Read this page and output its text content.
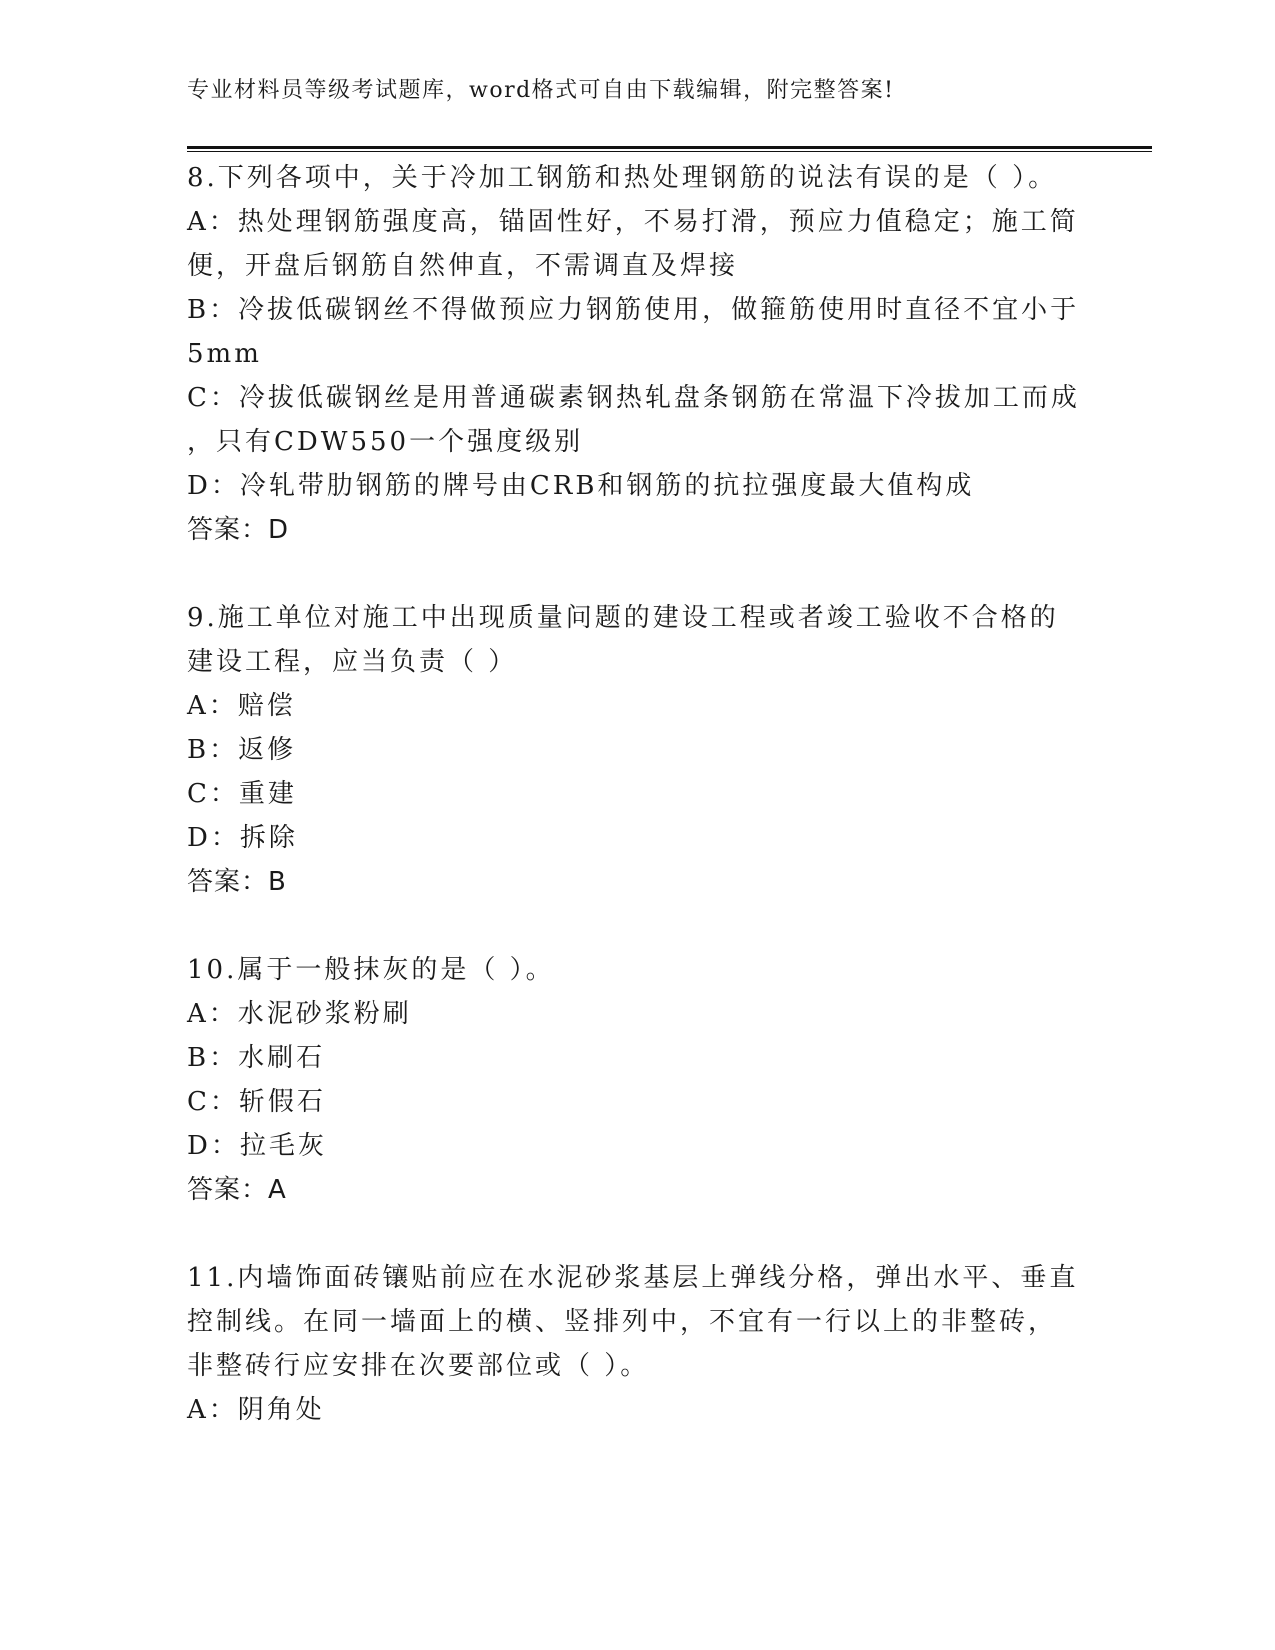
专业材料员等级考试题库，word格式可自由下载编辑，附完整答案!
8.下列各项中，关于冷加工钢筋和热处理钢筋的说法有误的是（ ）。
A：热处理钢筋强度高，锚固性好，不易打滑，预应力值稳定；施工简
便，开盘后钢筋自然伸直，不需调直及焊接
B：冷拔低碳钢丝不得做预应力钢筋使用，做箍筋使用时直径不宜小于
5mm
C：冷拔低碳钢丝是用普通碳素钢热轧盘条钢筋在常温下冷拔加工而成
，只有CDW550一个强度级别
D：冷轧带肋钢筋的牌号由CRB和钢筋的抗拉强度最大值构成
答案：D
9.施工单位对施工中出现质量问题的建设工程或者竣工验收不合格的
建设工程，应当负责（ ）
A：赔偿
B：返修
C：重建
D：拆除
答案：B
10.属于一般抹灰的是（ ）。
A：水泥砂浆粉刷
B：水刷石
C：斩假石
D：拉毛灰
答案：A
11.内墙饰面砖镶贴前应在水泥砂浆基层上弹线分格，弹出水平、垂直
控制线。在同一墙面上的横、竖排列中，不宜有一行以上的非整砖，
非整砖行应安排在次要部位或（ ）。
A：阴角处
